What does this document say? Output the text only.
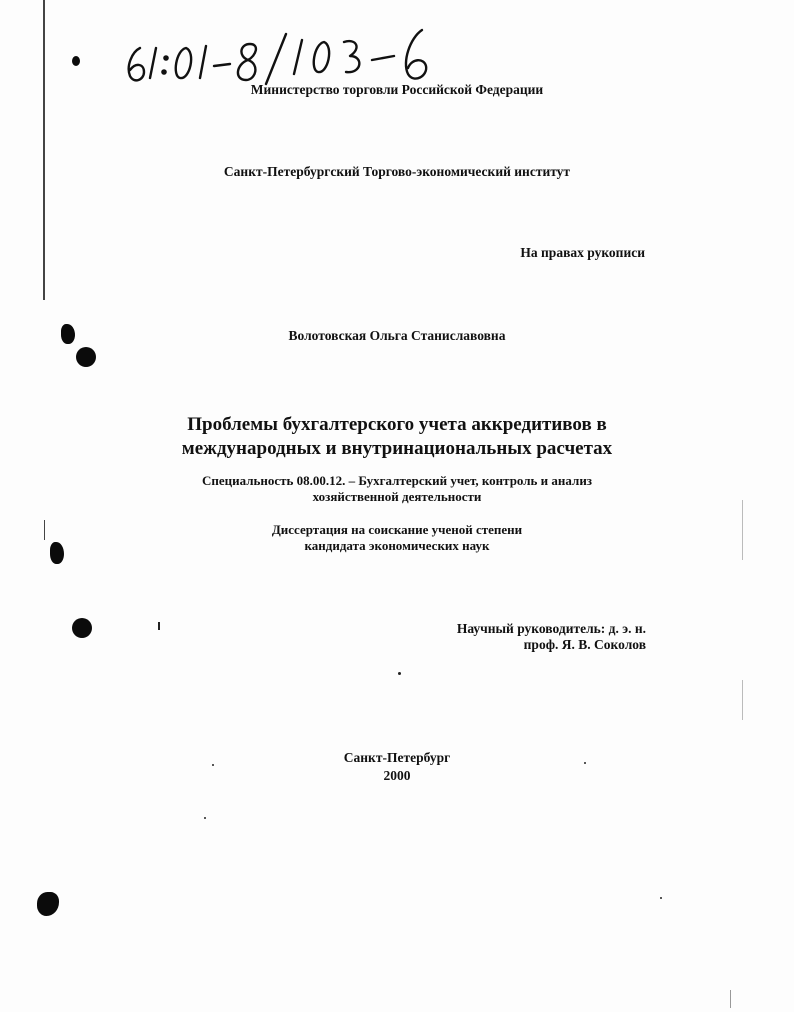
Министерство торговли Российской Федерации
Санкт-Петербургский Торгово-экономический институт
На правах рукописи
Волотовская Ольга Станиславовна
Проблемы бухгалтерского учета аккредитивов в
международных и внутринациональных расчетах
Специальность 08.00.12. – Бухгалтерский учет, контроль и анализ
хозяйственной деятельности
Диссертация на соискание ученой степени
кандидата экономических наук
Научный руководитель: д. э. н.
проф. Я. В. Соколов
Санкт-Петербург
2000
